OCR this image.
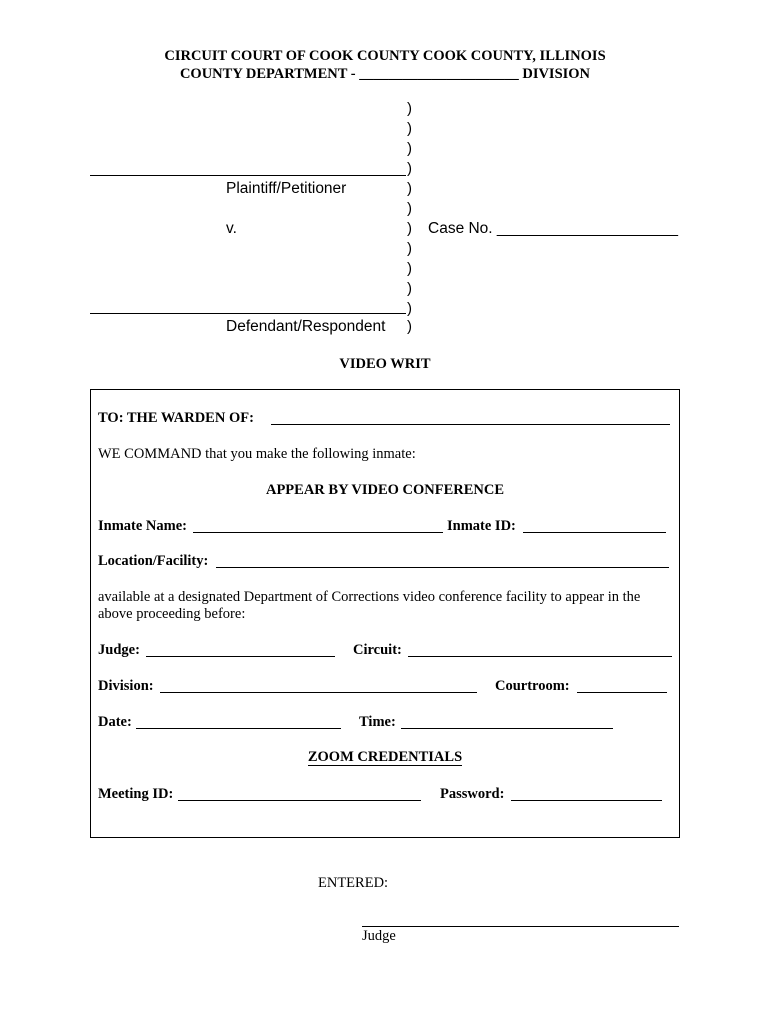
CIRCUIT COURT OF COOK COUNTY COOK COUNTY, ILLINOIS
COUNTY DEPARTMENT - ______________________ DIVISION
)
)
)
)
)
)
)
)
)
)
)
)
Plaintiff/Petitioner
v.	Case No. _____________________
Defendant/Respondent
VIDEO WRIT
TO: THE WARDEN OF:
WE COMMAND that you make the following inmate:
APPEAR BY VIDEO CONFERENCE
Inmate Name:	Inmate ID:
Location/Facility:
available at a designated Department of Corrections video conference facility to appear in the
above proceeding before:
Judge:	Circuit:
Division:	Courtroom:
Date:	Time:
ZOOM CREDENTIALS
Meeting ID:	Password:
ENTERED:
Judge
